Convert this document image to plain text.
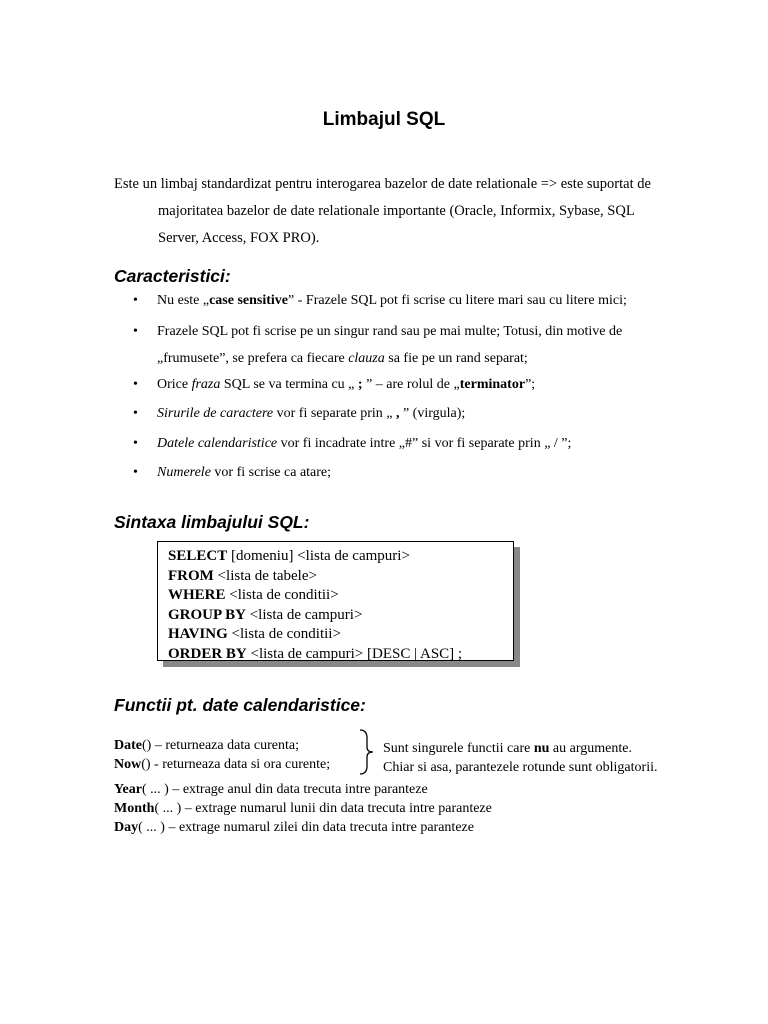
Limbajul SQL
Este un limbaj standardizat pentru interogarea bazelor de date relationale => este suportat de
majoritatea bazelor de date relationale importante (Oracle, Informix, Sybase, SQL
Server, Access, FOX PRO).
Caracteristici:
• Nu este „case sensitive” - Frazele SQL pot fi scrise cu litere mari sau cu litere mici;
• Frazele SQL pot fi scrise pe un singur rand sau pe mai multe; Totusi, din motive de „frumusete”, se prefera ca fiecare clauza sa fie pe un rand separat;
• Orice fraza SQL se va termina cu „ ; ” – are rolul de „terminator”;
• Sirurile de caractere vor fi separate prin „ , ” (virgula);
• Datele calendaristice vor fi incadrate intre „#” si vor fi separate prin „ / ”;
• Numerele vor fi scrise ca atare;
Sintaxa limbajului SQL:
SELECT [domeniu] <lista de campuri>
FROM <lista de tabele>
WHERE <lista de conditii>
GROUP BY <lista de campuri>
HAVING <lista de conditii>
ORDER BY <lista de campuri> [DESC | ASC] ;
Functii pt. date calendaristice:
Date() – returneaza data curenta;
Now() - returneaza data si ora curente;
Sunt singurele functii care nu au argumente.
Chiar si asa, parantezele rotunde sunt obligatorii.
Year( ... ) – extrage anul din data trecuta intre paranteze
Month( ... ) – extrage numarul lunii din data trecuta intre paranteze
Day( ... ) – extrage numarul zilei din data trecuta intre paranteze
